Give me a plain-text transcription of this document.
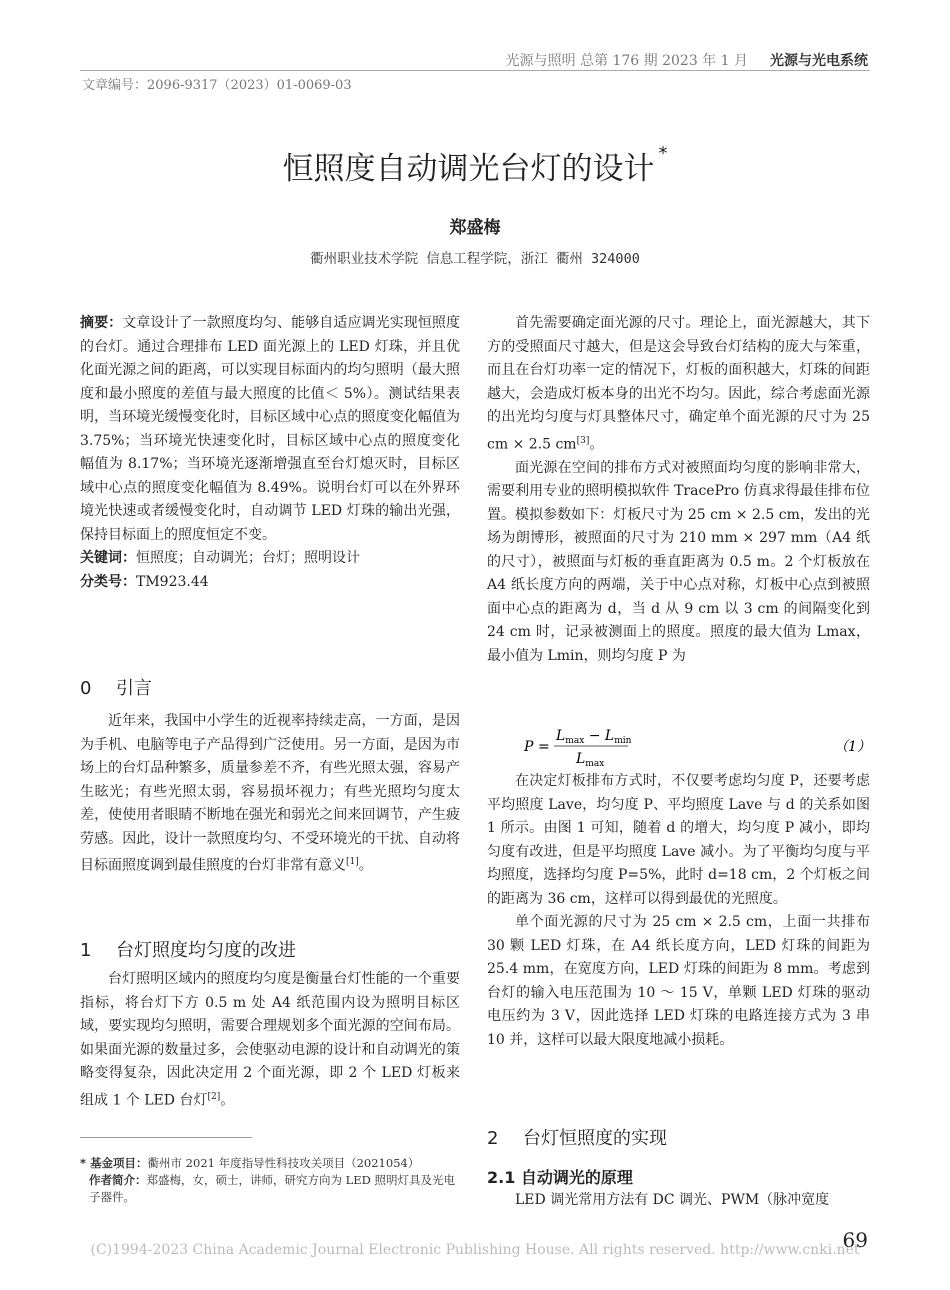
光源与照明 总第 176 期 2023 年 1 月 光源与光电系统
文章编号：2096-9317（2023）01-0069-03
恒照度自动调光台灯的设计 *
郑盛梅
衢州职业技术学院 信息工程学院，浙江 衢州 324000

摘要：文章设计了一款照度均匀、能够自适应调光实现恒照度的台灯。通过合理排布 LED 面光源上的 LED 灯珠，并且优化面光源之间的距离，可以实现目标面内的均匀照明（最大照度和最小照度的差值与最大照度的比值＜ 5%）。测试结果表明，当环境光缓慢变化时，目标区域中心点的照度变化幅值为 3.75%；当环境光快速变化时，目标区域中心点的照度变化幅值为 8.17%；当环境光逐渐增强直至台灯熄灭时，目标区域中心点的照度变化幅值为 8.49%。说明台灯可以在外界环境光快速或者缓慢变化时，自动调节 LED 灯珠的输出光强，保持目标面上的照度恒定不变。

关键词：恒照度；自动调光；台灯；照明设计

分类号：TM923.44

0 引言

近年来，我国中小学生的近视率持续走高，一方面，是因为手机、电脑等电子产品得到广泛使用。另一方面，是因为市场上的台灯品种繁多，质量参差不齐，有些光照太强，容易产生眩光；有些光照太弱，容易损坏视力；有些光照均匀度太差，使使用者眼睛不断地在强光和弱光之间来回调节，产生疲劳感。因此，设计一款照度均匀、不受环境光的干扰、自动将目标面照度调到最佳照度的台灯非常有意义[1]。

1 台灯照度均匀度的改进

台灯照明区域内的照度均匀度是衡量台灯性能的一个重要指标，将台灯下方 0.5 m 处 A4 纸范围内设为照明目标区域，要实现均匀照明，需要合理规划多个面光源的空间布局。如果面光源的数量过多，会使驱动电源的设计和自动调光的策略变得复杂，因此决定用 2 个面光源，即 2 个 LED 灯板来组成 1 个 LED 台灯[2]。

* 基金项目：衢州市 2021 年度指导性科技攻关项目（2021054）
作者简介：郑盛梅，女，硕士，讲师，研究方向为 LED 照明灯具及光电子器件。

首先需要确定面光源的尺寸。理论上，面光源越大，其下方的受照面尺寸越大，但是这会导致台灯结构的庞大与笨重，而且在台灯功率一定的情况下，灯板的面积越大，灯珠的间距越大，会造成灯板本身的出光不均匀。因此，综合考虑面光源的出光均匀度与灯具整体尺寸，确定单个面光源的尺寸为 25 cm × 2.5 cm[3]。

面光源在空间的排布方式对被照面均匀度的影响非常大，需要利用专业的照明模拟软件 TracePro 仿真求得最佳排布位置。模拟参数如下：灯板尺寸为 25 cm × 2.5 cm，发出的光场为朗博形，被照面的尺寸为 210 mm × 297 mm（A4 纸的尺寸），被照面与灯板的垂直距离为 0.5 m。2 个灯板放在 A4 纸长度方向的两端，关于中心点对称，灯板中心点到被照面中心点的距离为 d，当 d 从 9 cm 以 3 cm 的间隔变化到 24 cm 时，记录被测面上的照度。照度的最大值为 Lmax，最小值为 Lmin，则均匀度 P 为

P =
$L_{max} - L_{min}$
$L_{max}$
（1）

在决定灯板排布方式时，不仅要考虑均匀度 P，还要考虑平均照度 Lave，均匀度 P、平均照度 Lave 与 d 的关系如图 1 所示。由图 1 可知，随着 d 的增大，均匀度 P 减小，即均匀度有改进，但是平均照度 Lave 减小。为了平衡均匀度与平均照度，选择均匀度 P=5%，此时 d=18 cm，2 个灯板之间的距离为 36 cm，这样可以得到最优的光照度。

单个面光源的尺寸为 25 cm × 2.5 cm，上面一共排布 30 颗 LED 灯珠，在 A4 纸长度方向，LED 灯珠的间距为 25.4 mm，在宽度方向，LED 灯珠的间距为 8 mm。考虑到台灯的输入电压范围为 10 ～ 15 V，单颗 LED 灯珠的驱动电压约为 3 V，因此选择 LED 灯珠的电路连接方式为 3 串 10 并，这样可以最大限度地减小损耗。

2 台灯恒照度的实现
2.1 自动调光的原理

LED 调光常用方法有 DC 调光、PWM（脉冲宽度

69
(C)1994-2023 China Academic Journal Electronic Publishing House. All rights reserved. http://www.cnki.net
